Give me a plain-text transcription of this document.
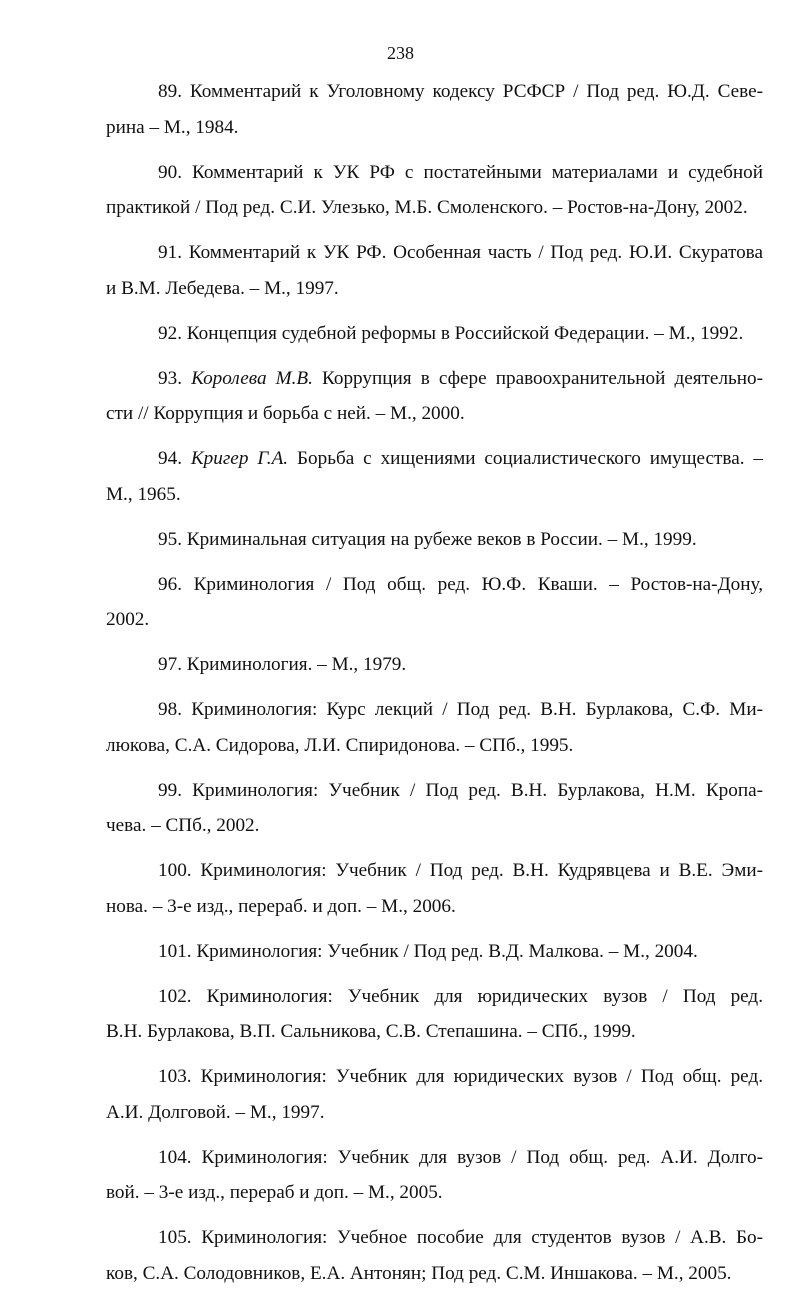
238
89. Комментарий к Уголовному кодексу РСФСР / Под ред. Ю.Д. Севе-
рина – М., 1984.
90. Комментарий к УК РФ с постатейными материалами и судебной
практикой / Под ред. С.И. Улезько, М.Б. Смоленского. – Ростов-на-Дону, 2002.
91. Комментарий к УК РФ. Особенная часть / Под ред. Ю.И. Скуратова
и В.М. Лебедева. – М., 1997.
92. Концепция судебной реформы в Российской Федерации. – М., 1992.
93. Королева М.В. Коррупция в сфере правоохранительной деятельно-
сти // Коррупция и борьба с ней. – М., 2000.
94. Кригер Г.А. Борьба с хищениями социалистического имущества. –
М., 1965.
95. Криминальная ситуация на рубеже веков в России. – М., 1999.
96. Криминология / Под общ. ред. Ю.Ф. Кваши. – Ростов-на-Дону,
2002.
97. Криминология. – М., 1979.
98. Криминология: Курс лекций / Под ред. В.Н. Бурлакова, С.Ф. Ми-
люкова, С.А. Сидорова, Л.И. Спиридонова. – СПб., 1995.
99. Криминология: Учебник / Под ред. В.Н. Бурлакова, Н.М. Кропа-
чева. – СПб., 2002.
100. Криминология: Учебник / Под ред. В.Н. Кудрявцева и В.Е. Эми-
нова. – 3-е изд., перераб. и доп. – М., 2006.
101. Криминология: Учебник / Под ред. В.Д. Малкова. – М., 2004.
102. Криминология: Учебник для юридических вузов / Под ред.
В.Н. Бурлакова, В.П. Сальникова, С.В. Степашина. – СПб., 1999.
103. Криминология: Учебник для юридических вузов / Под общ. ред.
А.И. Долговой. – М., 1997.
104. Криминология: Учебник для вузов / Под общ. ред. А.И. Долго-
вой. – 3-е изд., перераб и доп. – М., 2005.
105. Криминология: Учебное пособие для студентов вузов / А.В. Бо-
ков, С.А. Солодовников, Е.А. Антонян; Под ред. С.М. Иншакова. – М., 2005.
